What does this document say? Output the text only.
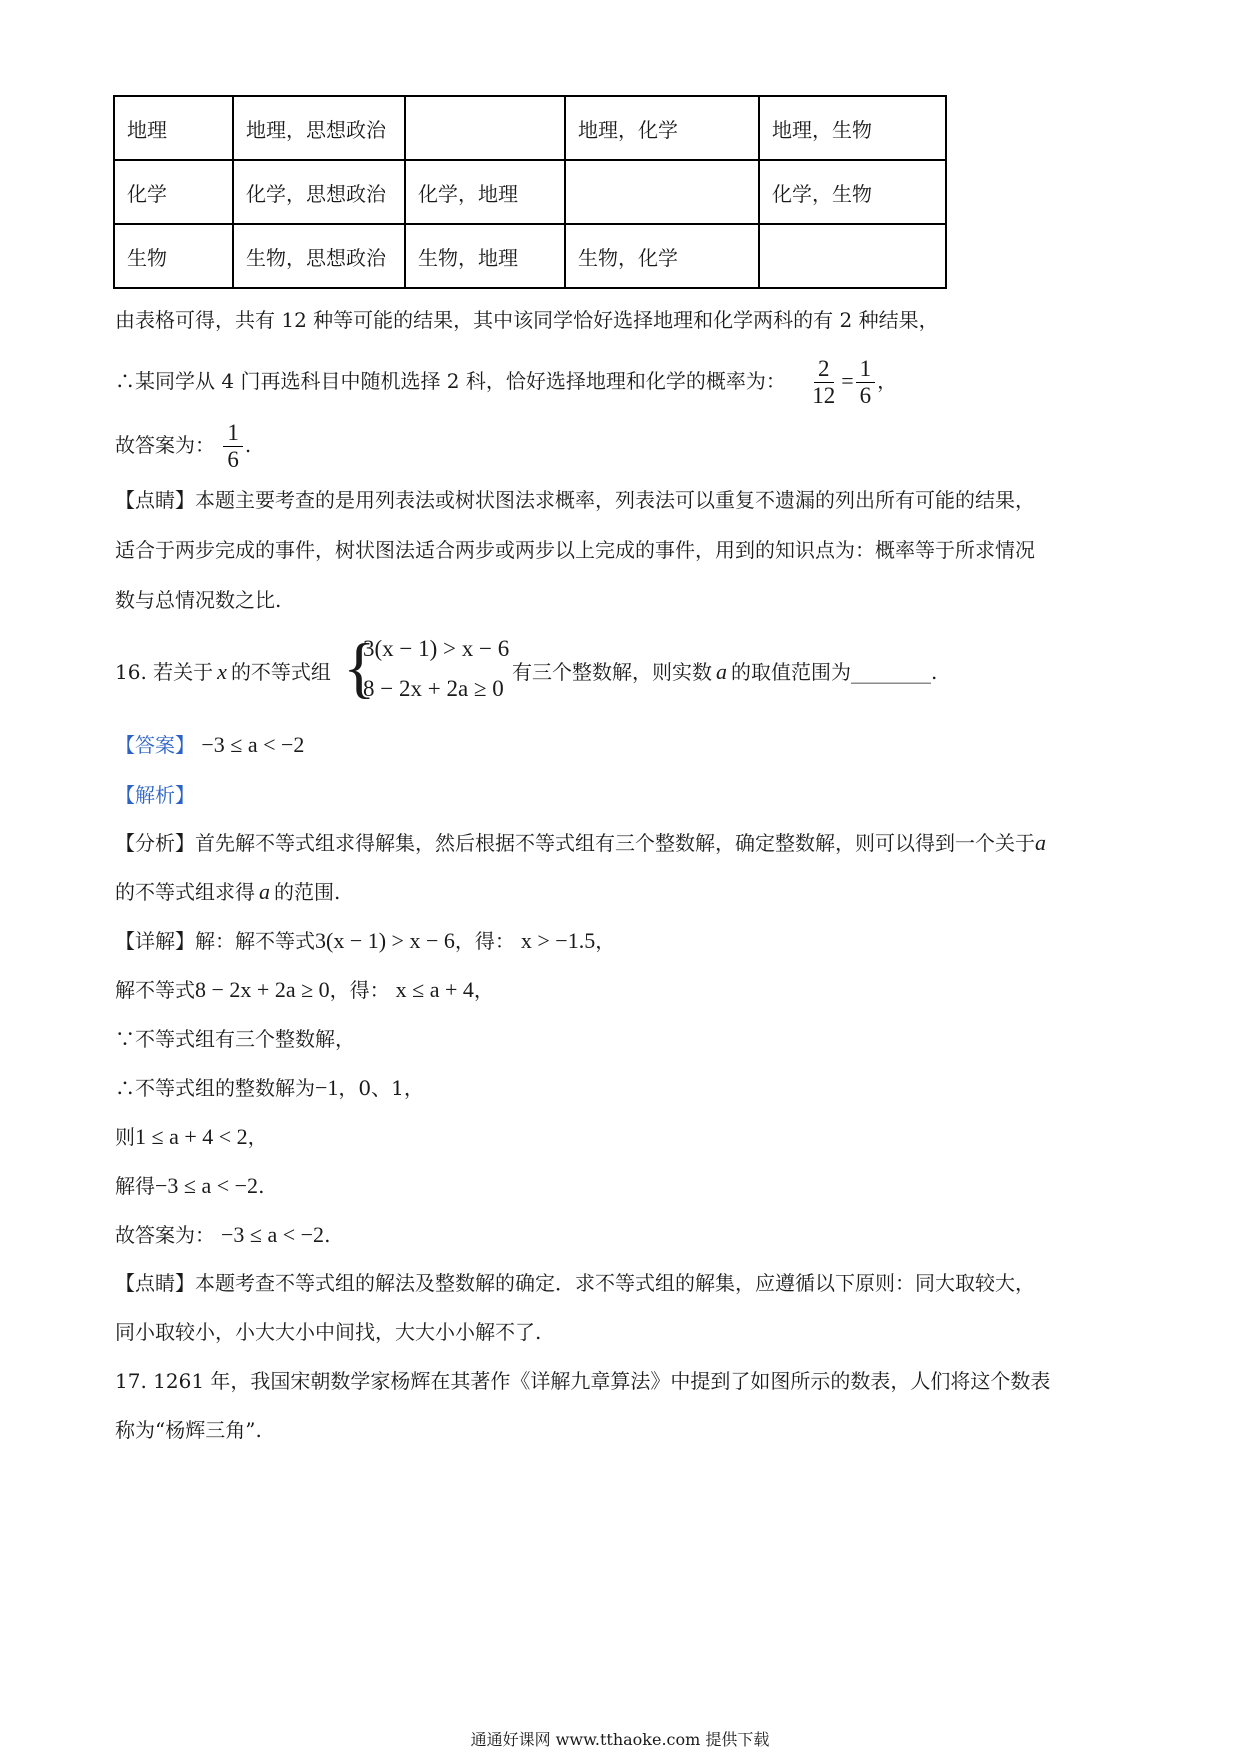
地理	地理，思想政治		地理，化学	地理，生物
化学	化学，思想政治	化学，地理		化学，生物
生物	生物，思想政治	生物，地理	生物，化学	
由表格可得，共有 12 种等可能的结果，其中该同学恰好选择地理和化学两科的有 2 种结果，
∴某同学从 4 门再选科目中随机选择 2 科，恰好选择地理和化学的概率为： $\frac{2}{12} = \frac{1}{6}$ ，
故答案为： $\frac{1}{6}$ .
【点睛】本题主要考查的是用列表法或树状图法求概率，列表法可以重复不遗漏的列出所有可能的结果，
适合于两步完成的事件，树状图法适合两步或两步以上完成的事件，用到的知识点为：概率等于所求情况
数与总情况数之比.
16. 若关于 x 的不等式组 {
3(x − 1) > x − 6
8 − 2x + 2a ≥ 0
有三个整数解，则实数 a 的取值范围为________.
【答案】 −3 ≤ a < −2
【解析】
【分析】首先解不等式组求得解集，然后根据不等式组有三个整数解，确定整数解，则可以得到一个关于a
的不等式组求得 a 的范围.
【详解】解：解不等式3(x − 1) > x − 6，得： x > −1.5，
解不等式8 − 2x + 2a ≥ 0，得： x ≤ a + 4，
∵不等式组有三个整数解，
∴不等式组的整数解为−1，0、1，
则1 ≤ a + 4 < 2，
解得−3 ≤ a < −2.
故答案为： −3 ≤ a < −2.
【点睛】本题考查不等式组的解法及整数解的确定．求不等式组的解集，应遵循以下原则：同大取较大，
同小取较小，小大大小中间找，大大小小解不了.
17. 1261 年，我国宋朝数学家杨辉在其著作《详解九章算法》中提到了如图所示的数表，人们将这个数表
称为“杨辉三角”.
通通好课网 www.tthaoke.com 提供下载
